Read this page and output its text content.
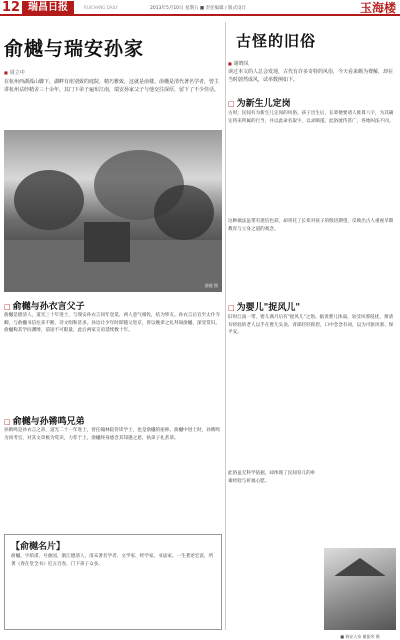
12 瑞昌日报	RUICHANG DAILY	2013年5月10日 星期五 ■ 责任编辑 / 版式设计	玉海楼
俞樾与瑞安孙家
■ 周立中
在杭州西湖孤山脚下，湖畔有座别致的庭院，精巧雅致，这就是俞楼。俞樾是清代著名学者，曾主讲杭州诂经精舍三十余年，其门下弟子遍布江南，瑞安孙家父子与他交往深厚，留下了不少佳话。
俞楼 摄
□ 俞樾与孙衣言父子
俞樾是德清人，道光三十年进士，与瑞安孙衣言同年登第，两人意气相投，结为挚友。孙衣言后官至太仆寺卿，与俞樾书信往来不断，诗文唱和甚多。孙诒让少年时即随父进京，曾以晚辈之礼拜谒俞樾，深受赏识。俞樾称其学问渊博，前途不可限量，此后两家交谊延续数十年。
□ 俞樾与孙锵鸣兄弟
孙锵鸣是孙衣言之弟，道光二十一年进士，曾任翰林院侍读学士，也是俞樾的座师。俞樾中进士时，孙锵鸣为同考官，对其文章极为赏识，力荐于上，俞樾终身感念其知遇之恩，执弟子礼甚恭。
【俞樾名片】
俞樾，字荫甫，号曲园，浙江德清人，清末著名学者、文学家、经学家、书法家。一生著述宏富，所著《春在堂全书》近五百卷，门下弟子众多。
古怪的旧俗
■ 谢晓凤
读过本文的人总会发现，古代有许多奇特的风俗，今天看来颇为费解，却在当时蔚然成风，试举数例如下。
□ 为新生儿定岗
古时，民间有为新生儿定岗的风俗。孩子出生后，长辈便要请人推算八字，为其确定将来所属的行当，并以此命名取字，以求顺遂。此俗流传甚广，各地叫法不同。
这种做法虽带有迷信色彩，却寄托了长辈对孩子的殷切期望，反映出古人重视早期教育与立身之道的观念。
□ 为婴儿"捉风儿"
旧时江南一带，婴儿满月后有"捉风儿"之俗。据说婴儿体弱，易受风邪侵扰，须请有经验的老人以手在婴儿头顶、背部轻轻抓捏，口中念念有词，以为可驱风邪、保平安。
此俗虽无科学依据，却体现了民间育儿的朴素经验与祈福心愿。
■ 瑞安人家 谢振荣 摄
